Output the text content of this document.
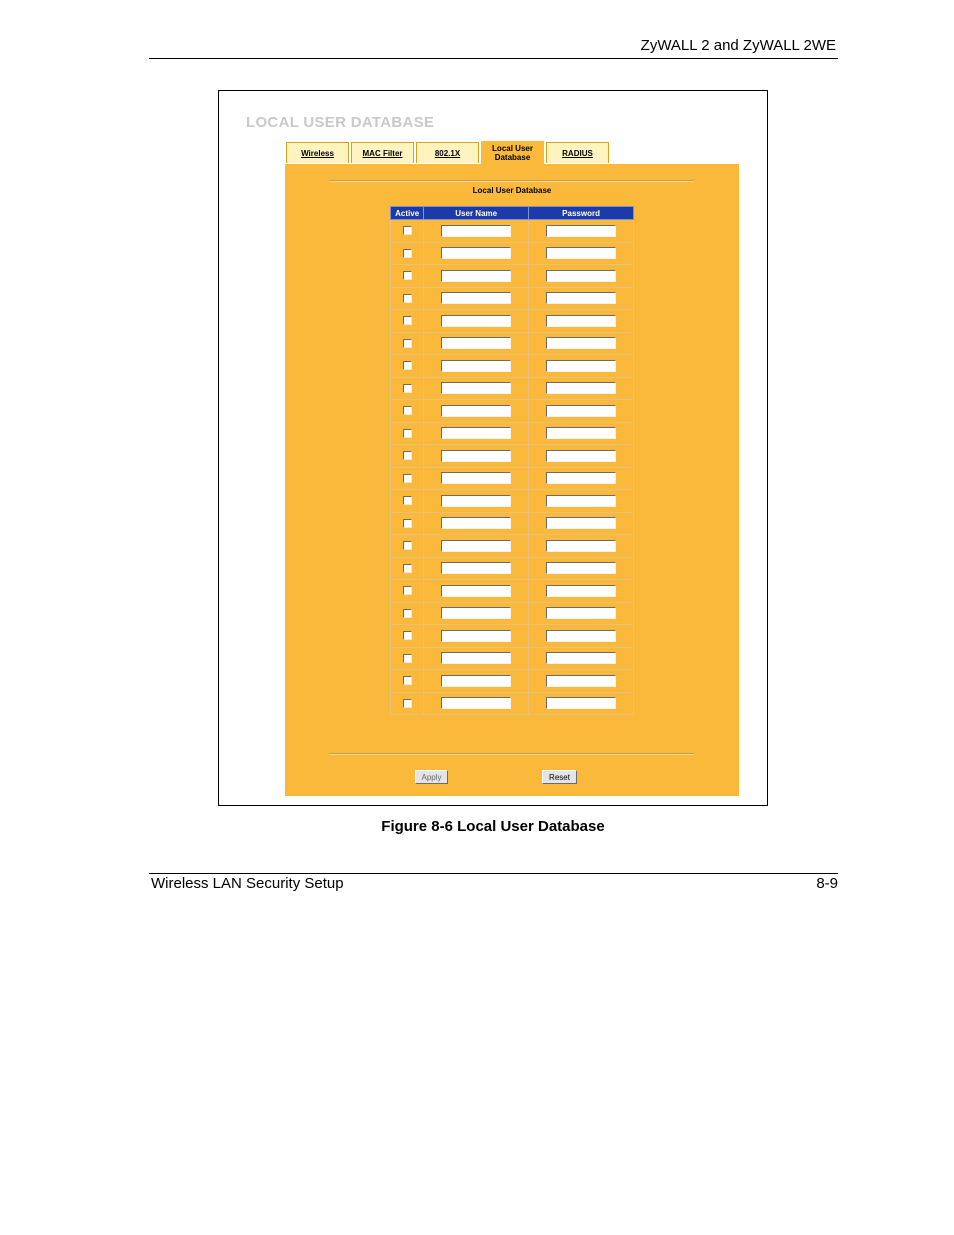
ZyWALL 2 and ZyWALL 2WE
LOCAL USER DATABASE
Wireless	MAC Filter	802.1X	Local User
Database	RADIUS
Local User Database
Active	User Name	Password

Apply	Reset
Figure 8-6 Local User Database
Wireless LAN Security Setup	8-9
